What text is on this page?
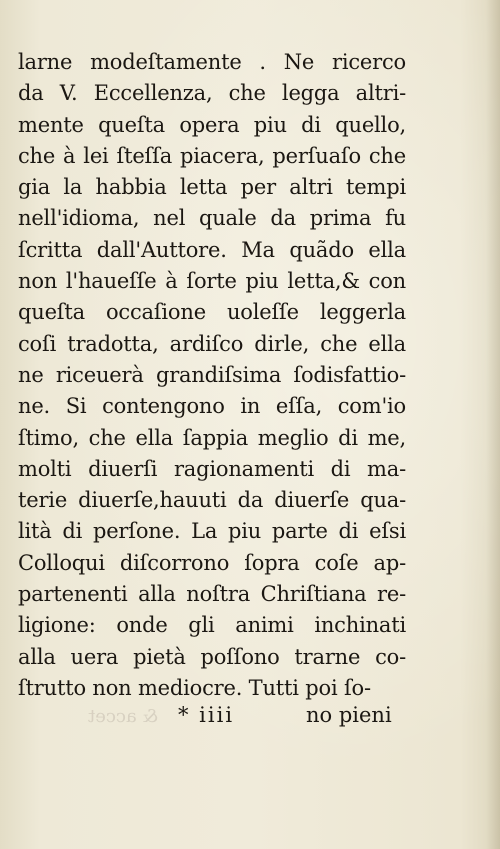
larne modeſtamente . Ne ricerco
da V. Eccellenza, che legga altri-
mente queſta opera piu di quello,
che à lei ſteſſa piacera, perſuaſo che
gia la habbia letta per altri tempi
nell'idioma, nel quale da prima fu
ſcritta dall'Auttore. Ma quãdo ella
non l'haueſſe à ſorte piu letta,& con
queſta occaſione uoleſſe leggerla
coſi tradotta, ardiſco dirle, che ella
ne riceuerà grandiſsima ſodisfattio-
ne. Si contengono in eſſa, com'io
ſtimo, che ella ſappia meglio di me,
molti diuerſi ragionamenti di ma-
terie diuerſe,hauuti da diuerſe qua-
lità di perſone. La piu parte di eſsi
Colloqui diſcorrono ſopra coſe ap-
partenenti alla noſtra Chriſtiana re-
ligione: onde gli animi inchinati
alla uera pietà poſſono trarne co-
ſtrutto non mediocre. Tutti poi ſo-
& accet * iiii	no pieni
